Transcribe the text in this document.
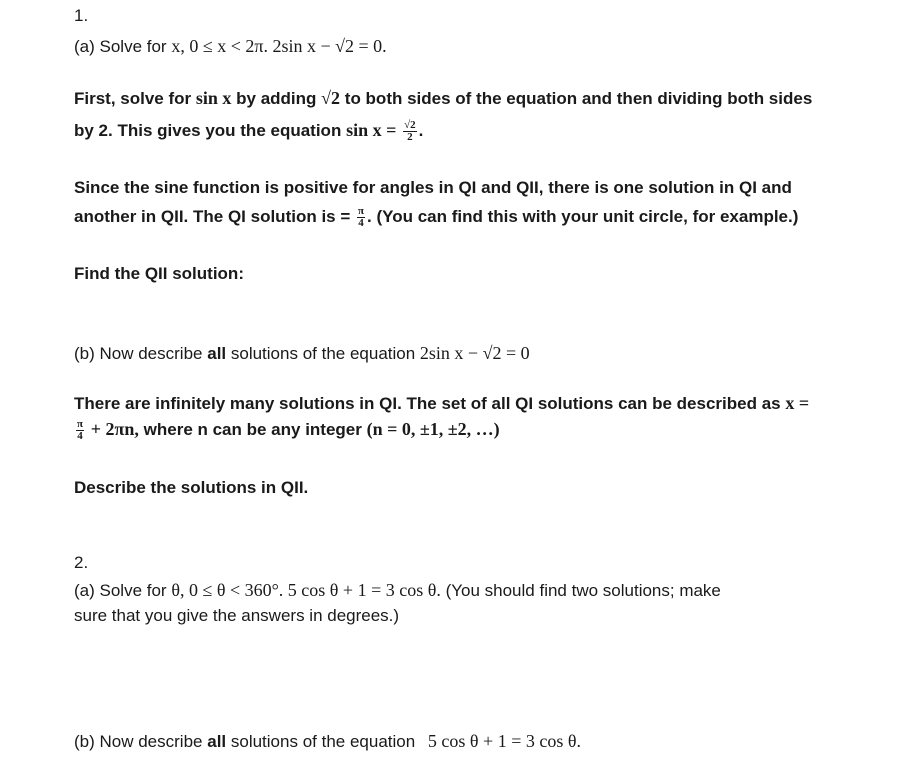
1.
(a) Solve for x, 0 ≤ x < 2π. 2sin x − √2 = 0.
First, solve for sin x by adding √2 to both sides of the equation and then dividing both sides
by 2. This gives you the equation $\sin x = \frac{√2}{2}$ .
Since the sine function is positive for angles in QI and QII, there is one solution in QI and
another in QII. The QI solution is = $\frac{\pi}{4}$ . (You can find this with your unit circle, for example.)
Find the QII solution:
(b) Now describe all solutions of the equation 2sin x − √2 = 0
There are infinitely many solutions in QI. The set of all QI solutions can be described as x =
$\frac{\pi}{4} + 2\pi n$, where n can be any integer (n = 0, ±1, ±2, …)
Describe the solutions in QII.
2.
(a) Solve for θ, 0 ≤ θ < 360°. 5 cos θ + 1 = 3 cos θ. (You should find two solutions; make
sure that you give the answers in degrees.)
(b) Now describe all solutions of the equation 5 cos θ + 1 = 3 cos θ.
